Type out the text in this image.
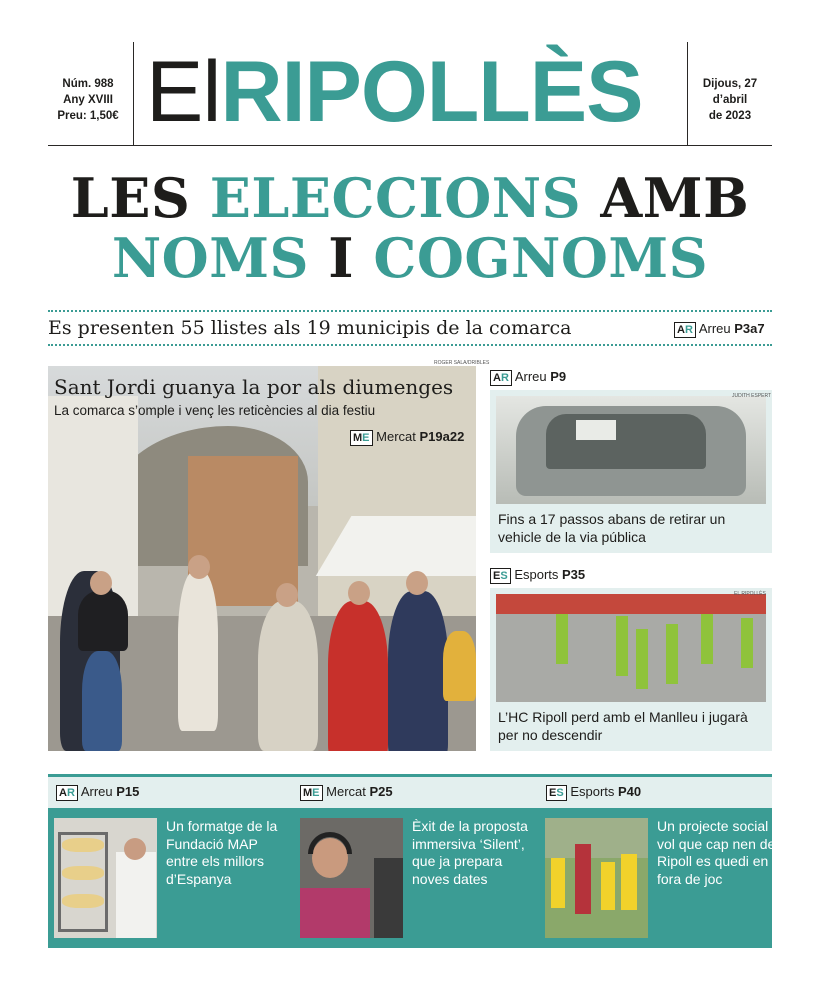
Núm. 988
Any XVIII
Preu: 1,50€ ElRIPOLLÈS	Dijous, 27
d’abril
de 2023
LES ELECCIONS AMB
NOMS I COGNOMS
Es presenten 55 llistes als 19 municipis de la comarca	AR Arreu P3a7
Sant Jordi guanya la por als diumenges
La comarca s’omple i venç les reticències al dia festiu
ME Mercat P19a22
ROGER SALA/DRIBLES
AR Arreu P9
JUDITH ESPERT
Fins a 17 passos abans de retirar un vehicle de la via pública
ES Esports P35
EL RIPOLLÈS
L’HC Ripoll perd amb el Manlleu i jugarà per no descendir
AR Arreu P15	ME Mercat P25	ES Esports P40
Un formatge de la Fundació MAP entre els millors d’Espanya
Èxit de la proposta immersiva ‘Silent’, que ja prepara noves dates
Un projecte social vol que cap nen de Ripoll es quedi en fora de joc
